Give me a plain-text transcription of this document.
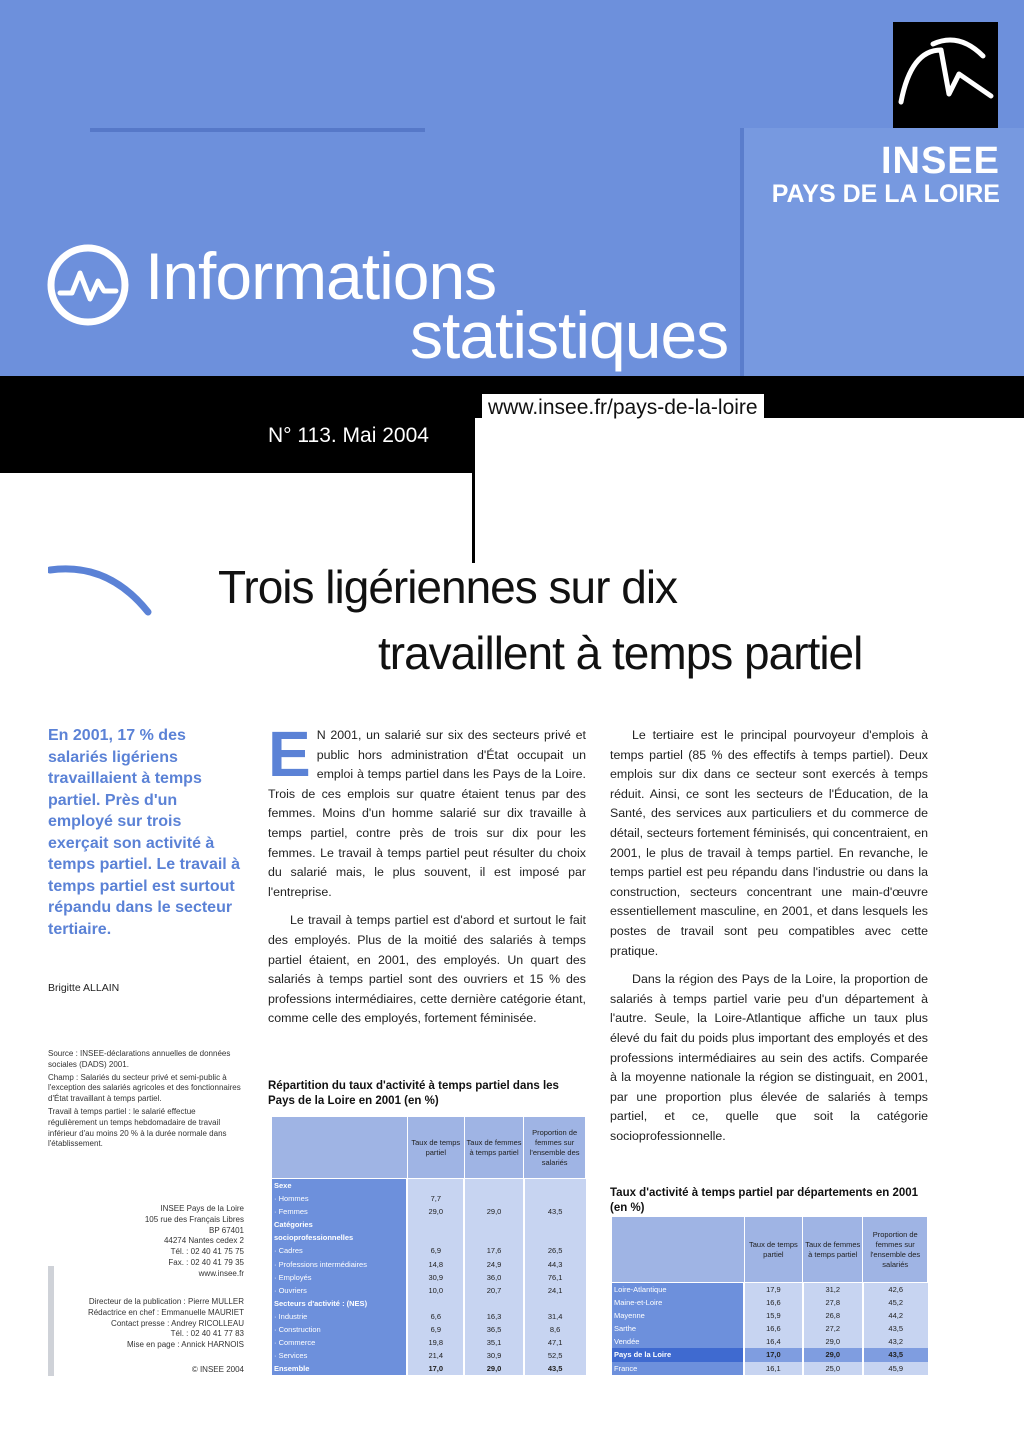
INSEE
PAYS DE LA LOIRE
Informations
statistiques
www.insee.fr/pays-de-la-loire
N° 113. Mai 2004
Trois ligériennes sur dix
travaillent à temps partiel
En 2001, 17 % des salariés ligériens travaillaient à temps partiel. Près d'un employé sur trois exerçait son activité à temps partiel. Le travail à temps partiel est surtout répandu dans le secteur tertiaire.
Brigitte ALLAIN
Source : INSEE-déclarations annuelles de données sociales (DADS) 2001.
Champ : Salariés du secteur privé et semi-public à l'exception des salariés agricoles et des fonctionnaires d'État travaillant à temps partiel.
Travail à temps partiel : le salarié effectue régulièrement un temps hebdomadaire de travail inférieur d'au moins 20 % à la durée normale dans l'établissement.
INSEE Pays de la Loire
105 rue des Français Libres
BP 67401
44274 Nantes cedex 2
Tél. : 02 40 41 75 75
Fax. : 02 40 41 79 35
www.insee.fr
Directeur de la publication : Pierre MULLER
Rédactrice en chef : Emmanuelle MAURIET
Contact presse : Andrey RICOLLEAU
Tél. : 02 40 41 77 83
Mise en page : Annick HARNOIS
© INSEE 2004

E N 2001, un salarié sur six des secteurs privé et public hors administration d'État occupait un emploi à temps partiel dans les Pays de la Loire. Trois de ces emplois sur quatre étaient tenus par des femmes. Moins d'un homme salarié sur dix travaille à temps partiel, contre près de trois sur dix pour les femmes. Le travail à temps partiel peut résulter du choix du salarié mais, le plus souvent, il est imposé par l'entreprise.

Le travail à temps partiel est d'abord et surtout le fait des employés. Plus de la moitié des salariés à temps partiel étaient, en 2001, des employés. Un quart des salariés à temps partiel sont des ouvriers et 15 % des professions intermédiaires, cette dernière catégorie étant, comme celle des employés, fortement féminisée.

Répartition du taux d'activité à temps partiel dans les Pays de la Loire en 2001 (en %)
	Taux de temps partiel	Taux de femmes à temps partiel	Proportion de femmes sur l'ensemble des salariés
Sexe			
· Hommes	7,7		
· Femmes	29,0	29,0	43,5
Catégories			
socioprofessionnelles			
· Cadres	6,9	17,6	26,5
· Professions intermédiaires	14,8	24,9	44,3
· Employés	30,9	36,0	76,1
· Ouvriers	10,0	20,7	24,1
Secteurs d'activité : (NES)			
· Industrie	6,6	16,3	31,4
· Construction	6,9	36,5	8,6
· Commerce	19,8	35,1	47,1
· Services	21,4	30,9	52,5
Ensemble	17,0	29,0	43,5

Le tertiaire est le principal pourvoyeur d'emplois à temps partiel (85 % des effectifs à temps partiel). Deux emplois sur dix dans ce secteur sont exercés à temps réduit. Ainsi, ce sont les secteurs de l'Éducation, de la Santé, des services aux particuliers et du commerce de détail, secteurs fortement féminisés, qui concentraient, en 2001, le plus de travail à temps partiel. En revanche, le temps partiel est peu répandu dans l'industrie ou dans la construction, secteurs concentrant une main-d'œuvre essentiellement masculine, en 2001, et dans lesquels les postes de travail sont peu compatibles avec cette pratique.

Dans la région des Pays de la Loire, la proportion de salariés à temps partiel varie peu d'un département à l'autre. Seule, la Loire-Atlantique affiche un taux plus élevé du fait du poids plus important des employés et des professions intermédiaires au sein des actifs. Comparée à la moyenne nationale la région se distinguait, en 2001, par une proportion plus élevée de salariés à temps partiel, et ce, quelle que soit la catégorie socioprofessionnelle.

Taux d'activité à temps partiel par départements en 2001 (en %)
	Taux de temps partiel	Taux de femmes à temps partiel	Proportion de femmes sur l'ensemble des salariés
Loire-Atlantique	17,9	31,2	42,6
Maine-et-Loire	16,6	27,8	45,2
Mayenne	15,9	26,8	44,2
Sarthe	16,6	27,2	43,5
Vendée	16,4	29,0	43,2
Pays de la Loire	17,0	29,0	43,5
France	16,1	25,0	45,9
